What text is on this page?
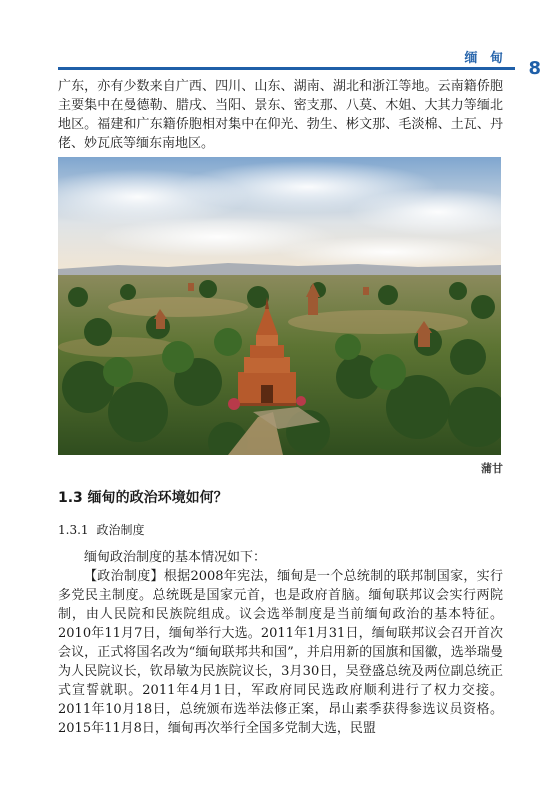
缅 甸 8

广东，亦有少数来自广西、四川、山东、湖南、湖北和浙江等地。云南籍侨胞主要集中在曼德勒、腊戌、当阳、景东、密支那、八莫、木姐、大其力等缅北地区。福建和广东籍侨胞相对集中在仰光、勃生、彬文那、毛淡棉、土瓦、丹佬、妙瓦底等缅东南地区。

蒲甘
1.3 缅甸的政治环境如何？
1.3.1 政治制度

缅甸政治制度的基本情况如下：

【政治制度】根据2008年宪法，缅甸是一个总统制的联邦制国家，实行多党民主制度。总统既是国家元首，也是政府首脑。缅甸联邦议会实行两院制，由人民院和民族院组成。议会选举制度是当前缅甸政治的基本特征。2010年11月7日，缅甸举行大选。2011年1月31日，缅甸联邦议会召开首次会议，正式将国名改为“缅甸联邦共和国”，并启用新的国旗和国徽，选举瑞曼为人民院议长，钦昂敏为民族院议长，3月30日，吴登盛总统及两位副总统正式宣誓就职。2011年4月1日，军政府同民选政府顺利进行了权力交接。2011年10月18日，总统颁布选举法修正案，昂山素季获得参选议员资格。2015年11月8日，缅甸再次举行全国多党制大选，民盟
